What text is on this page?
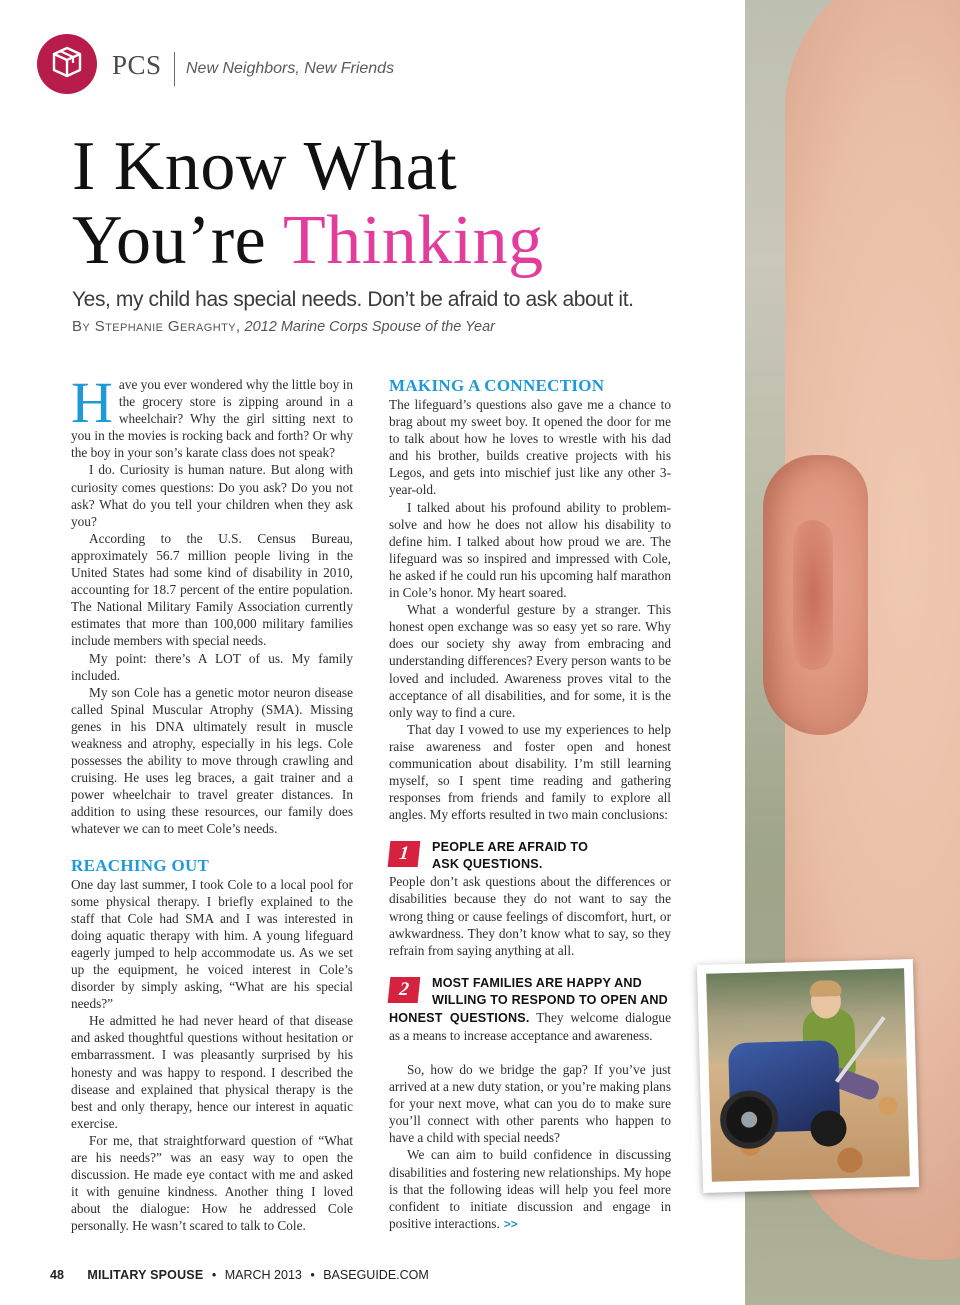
PCS New Neighbors, New Friends
I Know What
You’re Thinking
Yes, my child has special needs. Don’t be afraid to ask about it.
By Stephanie Geraghty, 2012 Marine Corps Spouse of the Year

Have you ever wondered why the little boy in the grocery store is zipping around in a wheelchair? Why the girl sitting next to you in the movies is rocking back and forth? Or why the boy in your son’s karate class does not speak?

I do. Curiosity is human nature. But along with curiosity comes questions: Do you ask? Do you not ask? What do you tell your children when they ask you?

According to the U.S. Census Bureau, approximately 56.7 million people living in the United States had some kind of disability in 2010, accounting for 18.7 percent of the entire population. The National Military Family Association currently estimates that more than 100,000 military families include members with special needs.

My point: there’s A LOT of us. My family included.

My son Cole has a genetic motor neuron disease called Spinal Muscular Atrophy (SMA). Missing genes in his DNA ultimately result in muscle weakness and atrophy, especially in his legs. Cole possesses the ability to move through crawling and cruising. He uses leg braces, a gait trainer and a power wheelchair to travel greater distances. In addition to using these resources, our family does whatever we can to meet Cole’s needs.

REACHING OUT

One day last summer, I took Cole to a local pool for some physical therapy. I briefly explained to the staff that Cole had SMA and I was interested in doing aquatic therapy with him. A young lifeguard eagerly jumped to help accommodate us. As we set up the equipment, he voiced interest in Cole’s disorder by simply asking, “What are his special needs?”

He admitted he had never heard of that disease and asked thoughtful questions without hesitation or embarrassment. I was pleasantly surprised by his honesty and was happy to respond. I described the disease and explained that physical therapy is the best and only therapy, hence our interest in aquatic exercise.

For me, that straightforward question of “What are his needs?” was an easy way to open the discussion. He made eye contact with me and asked it with genuine kindness. Another thing I loved about the dialogue: How he addressed Cole personally. He wasn’t scared to talk to Cole.

MAKING A CONNECTION

The lifeguard’s questions also gave me a chance to brag about my sweet boy. It opened the door for me to talk about how he loves to wrestle with his dad and his brother, builds creative projects with his Legos, and gets into mischief just like any other 3-year-old.

I talked about his profound ability to problem-solve and how he does not allow his disability to define him. I talked about how proud we are. The lifeguard was so inspired and impressed with Cole, he asked if he could run his upcoming half marathon in Cole’s honor. My heart soared.

What a wonderful gesture by a stranger. This honest open exchange was so easy yet so rare. Why does our society shy away from embracing and understanding differences? Every person wants to be loved and included. Awareness proves vital to the acceptance of all disabilities, and for some, it is the only way to find a cure.

That day I vowed to use my experiences to help raise awareness and foster open and honest communication about disability. I’m still learning myself, so I spent time reading and gathering responses from friends and family to explore all angles. My efforts resulted in two main conclusions:

1	PEOPLE ARE AFRAID TO
ASK QUESTIONS.

People don’t ask questions about the differences or disabilities because they do not want to say the wrong thing or cause feelings of discomfort, hurt, or awkwardness. They don’t know what to say, so they refrain from saying anything at all.

2	MOST FAMILIES ARE HAPPY AND
WILLING TO RESPOND TO OPEN AND

HONEST QUESTIONS. They welcome dialogue as a means to increase acceptance and awareness.

So, how do we bridge the gap? If you’ve just arrived at a new duty station, or you’re making plans for your next move, what can you do to make sure you’ll connect with other parents who happen to have a child with special needs?

We can aim to build confidence in discussing disabilities and fostering new relationships. My hope is that the following ideas will help you feel more confident to initiate discussion and engage in positive interactions. >>

48 MILITARY SPOUSE • MARCH 2013 • BASEGUIDE.COM
